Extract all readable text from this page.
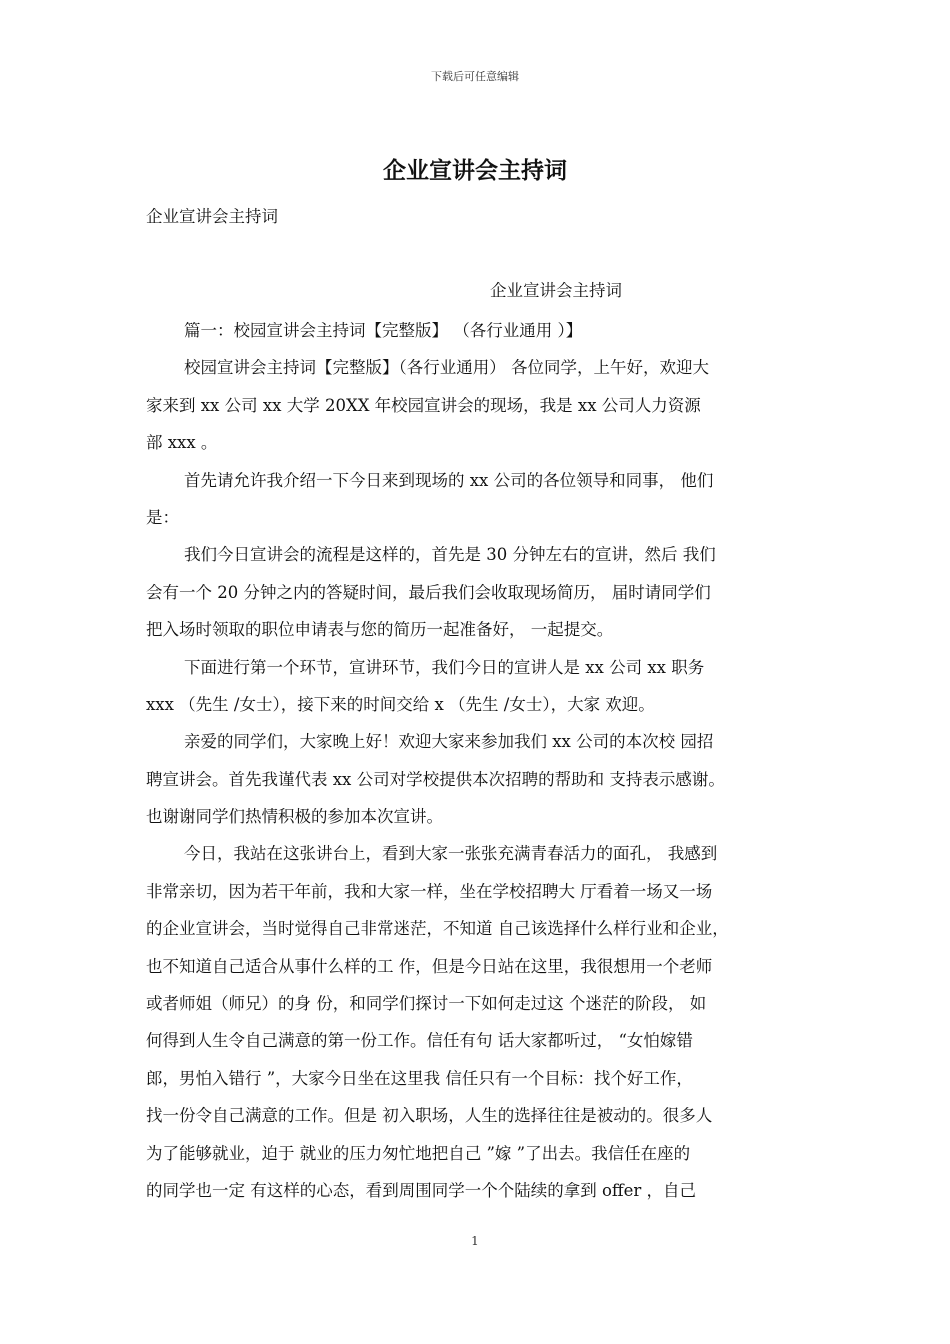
下载后可任意编辑
企业宣讲会主持词
企业宣讲会主持词
企业宣讲会主持词
篇一：校园宣讲会主持词【完整版】 （各行业通用 ）】
校园宣讲会主持词【完整版】（各行业通用） 各位同学，上午好，欢迎大
家来到 xx 公司 xx 大学 20XX 年校园宣讲会的现场，我是 xx 公司人力资源
部 xxx 。
首先请允许我介绍一下今日来到现场的 xx 公司的各位领导和同事， 他们
是：
我们今日宣讲会的流程是这样的，首先是 30 分钟左右的宣讲，然后 我们
会有一个 20 分钟之内的答疑时间，最后我们会收取现场简历， 届时请同学们
把入场时领取的职位申请表与您的简历一起准备好， 一起提交。
下面进行第一个环节，宣讲环节，我们今日的宣讲人是 xx 公司 xx 职务
xxx （先生 /女士），接下来的时间交给 x （先生 /女士），大家 欢迎。
亲爱的同学们，大家晚上好！欢迎大家来参加我们 xx 公司的本次校 园招
聘宣讲会。首先我谨代表 xx 公司对学校提供本次招聘的帮助和 支持表示感谢。
也谢谢同学们热情积极的参加本次宣讲。
今日，我站在这张讲台上，看到大家一张张充满青春活力的面孔， 我感到
非常亲切，因为若干年前，我和大家一样，坐在学校招聘大 厅看着一场又一场
的企业宣讲会，当时觉得自己非常迷茫，不知道 自己该选择什么样行业和企业，
也不知道自己适合从事什么样的工 作，但是今日站在这里，我很想用一个老师
或者师姐（师兄）的身 份，和同学们探讨一下如何走过这 个迷茫的阶段， 如
何得到人生令自己满意的第一份工作。信任有句 话大家都听过， “女怕嫁错
郎，男怕入错行 ”，大家今日坐在这里我 信任只有一个目标：找个好工作，
找一份令自己满意的工作。但是 初入职场，人生的选择往往是被动的。很多人
为了能够就业，迫于 就业的压力匆忙地把自己 ”嫁 ”了出去。我信任在座的
的同学也一定 有这样的心态，看到周围同学一个个陆续的拿到 offer ，自己
1
